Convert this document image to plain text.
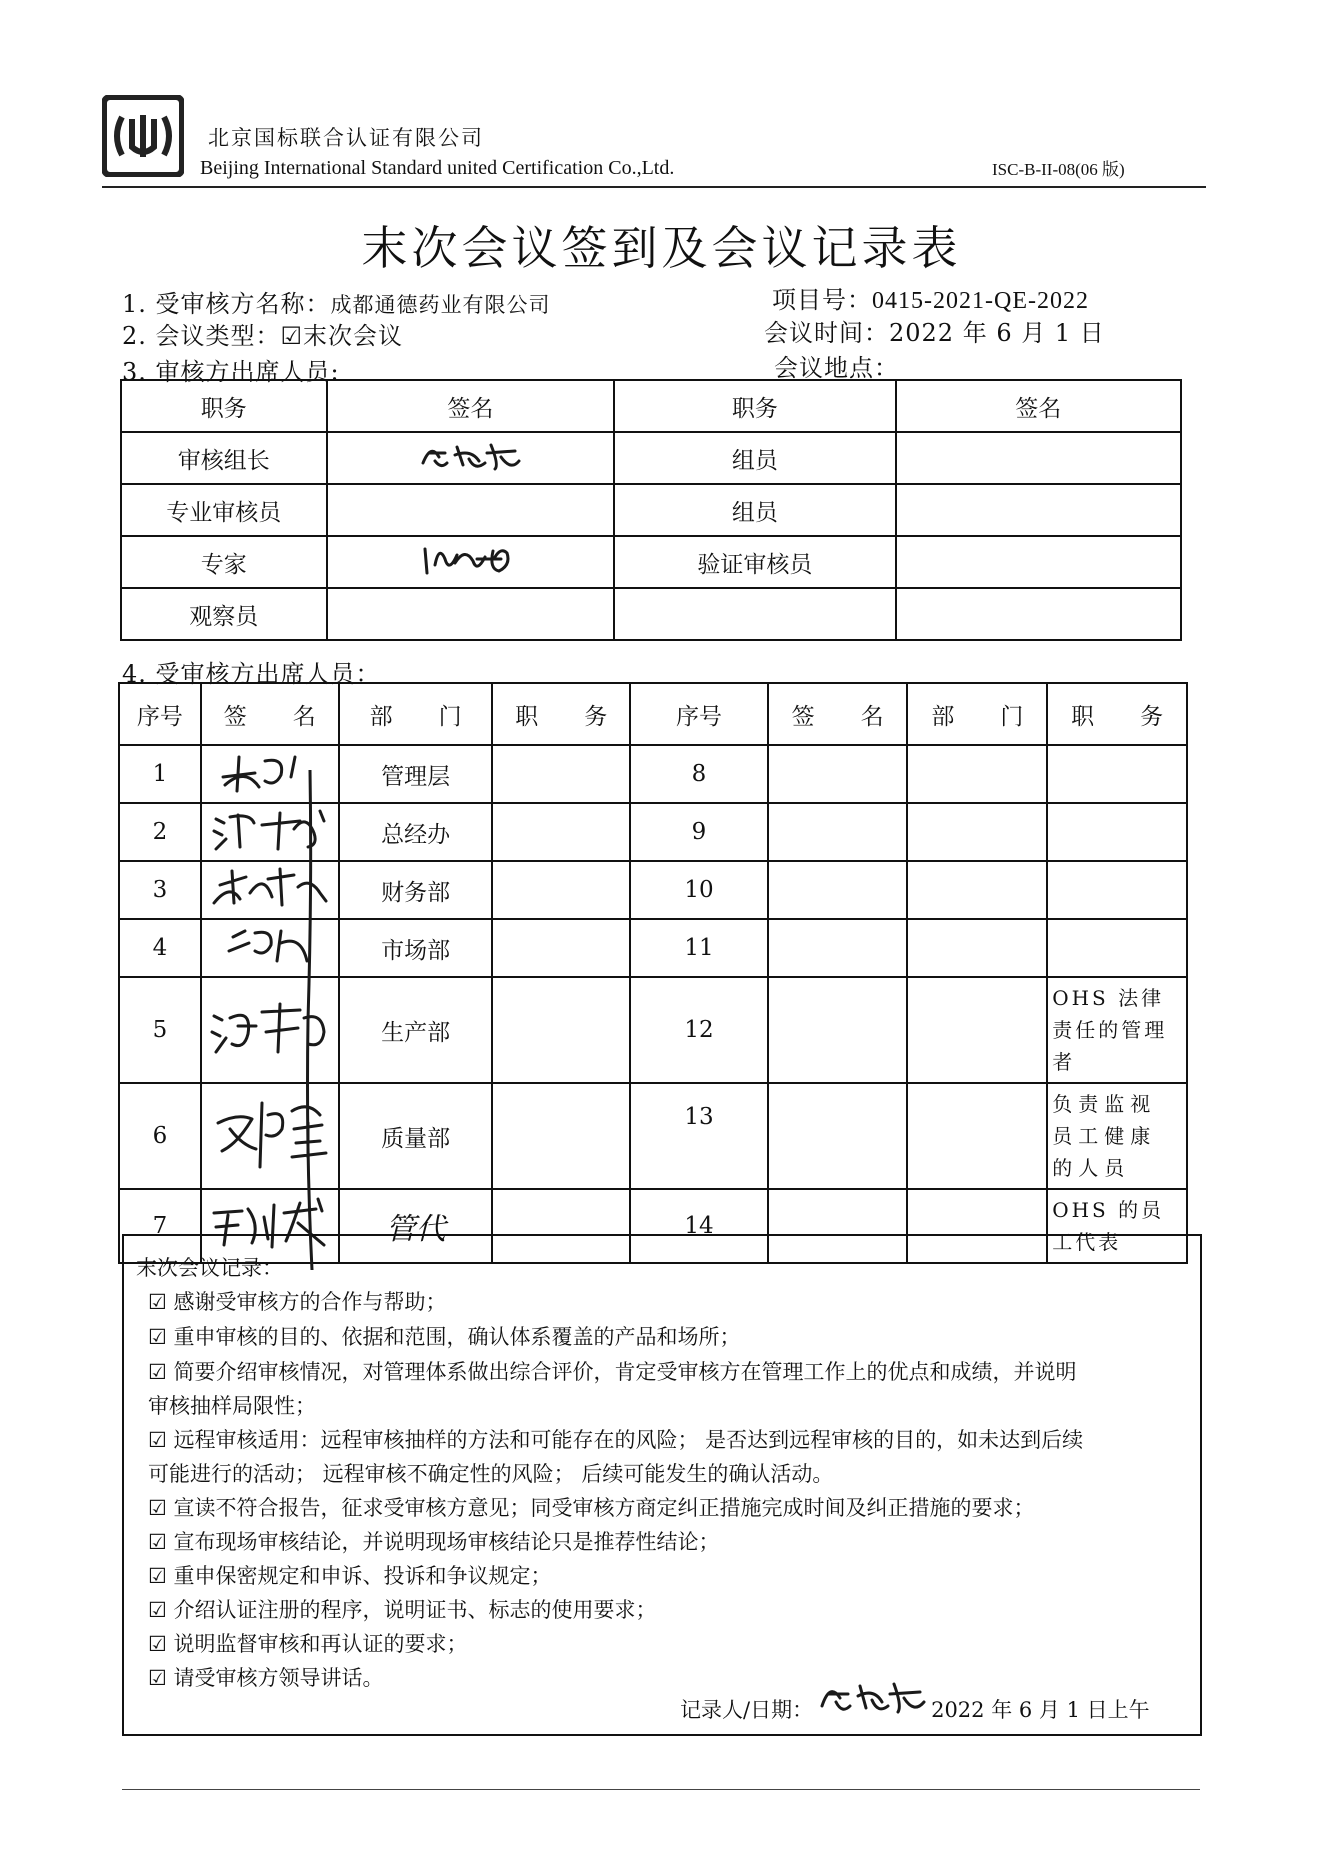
北京国标联合认证有限公司
Beijing International Standard united Certification Co.,Ltd.	ISC-B-II-08(06 版)
末次会议签到及会议记录表
1. 受审核方名称：成都通德药业有限公司	项目号：0415-2021-QE-2022
2. 会议类型：☑末次会议	会议时间：2022 年 6 月 1 日
3. 审核方出席人员:	会议地点：
职务	签名	职务	签名
审核组长		组员	
专业审核员		组员	
专家		验证审核员	
观察员			
4. 受审核方出席人员：
序号	签　　名	部　　门	职　　务	序号	签　　名	部　　门	职　　务
1		管理层		8			
2		总经办		9			
3		财务部		10			
4		市场部		11			
5		生产部		12			OHS 法律责任的管理者
6		质量部		13			负责监视员工健康的人员
7		管代		14			OHS 的员工代表
末次会议记录：
☑ 感谢受审核方的合作与帮助；
☑ 重申审核的目的、依据和范围，确认体系覆盖的产品和场所；
☑ 简要介绍审核情况，对管理体系做出综合评价，肯定受审核方在管理工作上的优点和成绩，并说明
审核抽样局限性；
☑ 远程审核适用：远程审核抽样的方法和可能存在的风险； 是否达到远程审核的目的，如未达到后续
可能进行的活动； 远程审核不确定性的风险； 后续可能发生的确认活动。
☑ 宣读不符合报告，征求受审核方意见；同受审核方商定纠正措施完成时间及纠正措施的要求；
☑ 宣布现场审核结论，并说明现场审核结论只是推荐性结论；
☑ 重申保密规定和申诉、投诉和争议规定；
☑ 介绍认证注册的程序，说明证书、标志的使用要求；
☑ 说明监督审核和再认证的要求；
☑ 请受审核方领导讲话。
记录人/日期：	2022 年 6 月 1 日上午
